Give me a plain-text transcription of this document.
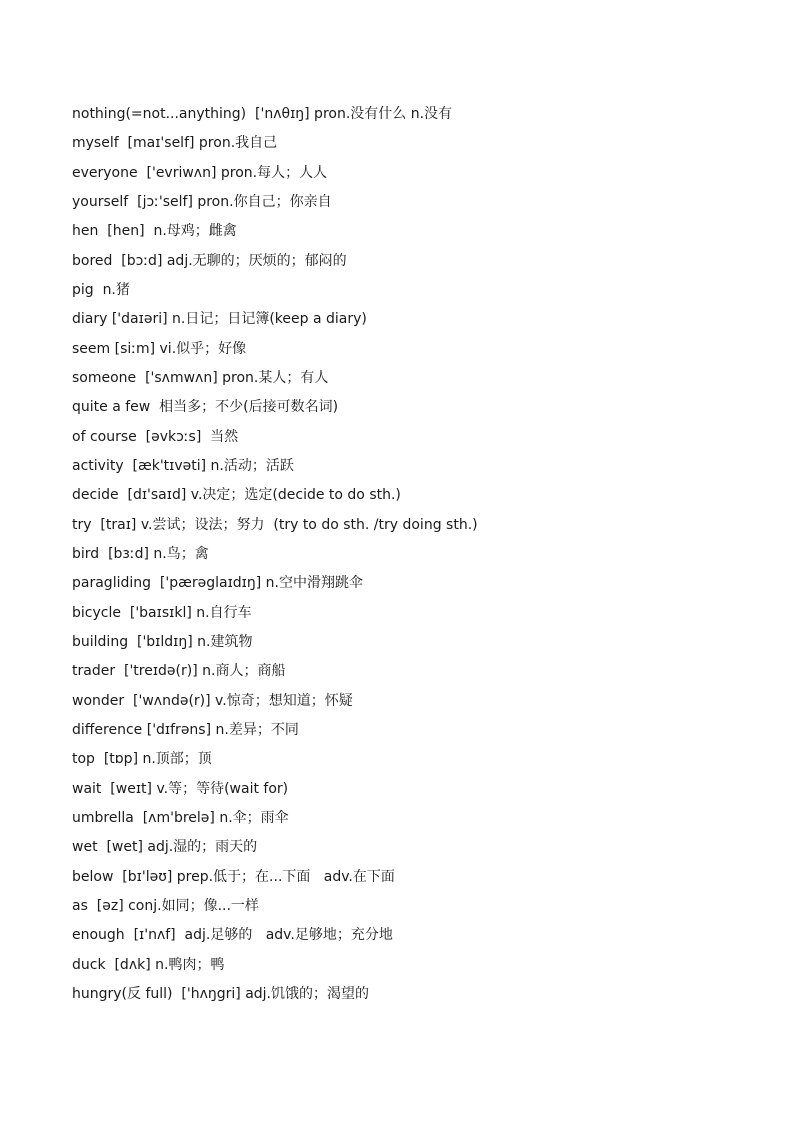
nothing(=not...anything)  ['nʌθɪŋ] pron.没有什么 n.没有
myself  [maɪ'self] pron.我自己
everyone  ['evriwʌn] pron.每人；人人
yourself  [jɔː'self] pron.你自己；你亲自
hen  [hen]  n.母鸡；雌禽
bored  [bɔːd] adj.无聊的；厌烦的；郁闷的
pig  n.猪
diary ['daɪəri] n.日记；日记簿(keep a diary)
seem [siːm] vi.似乎；好像
someone  ['sʌmwʌn] pron.某人；有人
quite a few  相当多；不少(后接可数名词)
of course  [əvkɔːs]  当然
activity  [æk'tɪvəti] n.活动；活跃
decide  [dɪ'saɪd] v.决定；选定(decide to do sth.)
try  [traɪ] v.尝试；设法；努力  (try to do sth. /try doing sth.)
bird  [bɜːd] n.鸟；禽
paragliding  ['pærəglaɪdɪŋ] n.空中滑翔跳伞
bicycle  ['baɪsɪkl] n.自行车
building  ['bɪldɪŋ] n.建筑物
trader  ['treɪdə(r)] n.商人；商船
wonder  ['wʌndə(r)] v.惊奇；想知道；怀疑
difference ['dɪfrəns] n.差异；不同
top  [tɒp] n.顶部；顶
wait  [weɪt] v.等；等待(wait for)
umbrella  [ʌm'brelə] n.伞；雨伞
wet  [wet] adj.湿的；雨天的
below  [bɪ'ləʊ] prep.低于；在...下面   adv.在下面
as  [əz] conj.如同；像...一样
enough  [ɪ'nʌf]  adj.足够的   adv.足够地；充分地
duck  [dʌk] n.鸭肉；鸭
hungry(反 full)  ['hʌŋgri] adj.饥饿的；渴望的
